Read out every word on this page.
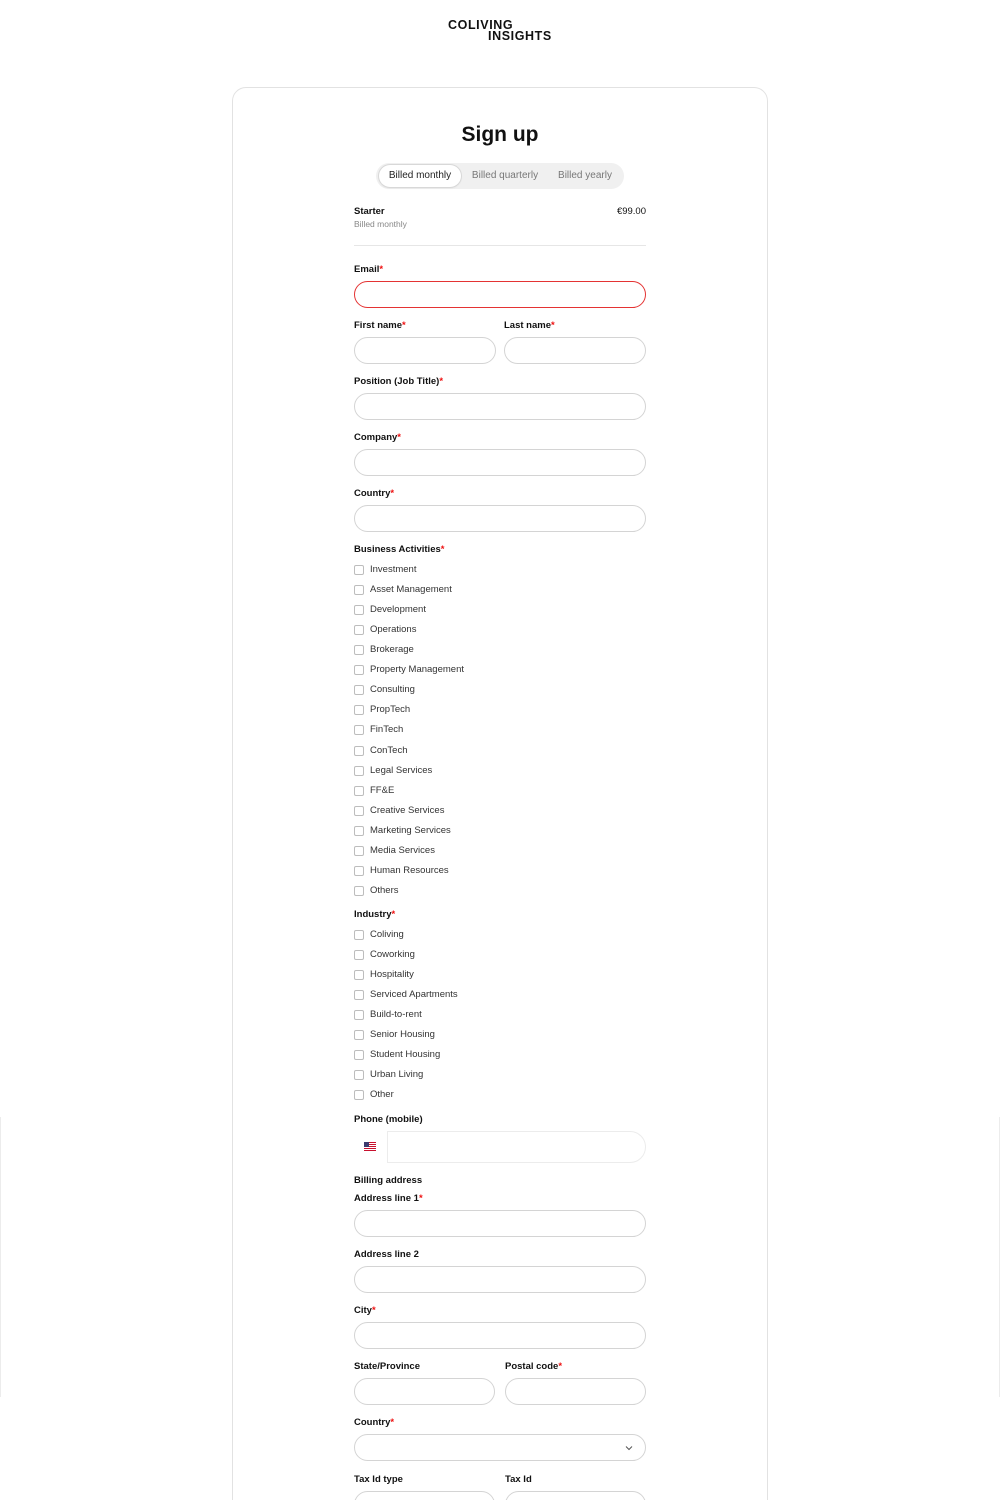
COLIVING
INSIGHTS
Sign up
Billed monthly	Billed quarterly	Billed yearly
Starter
Billed monthly
€99.00
Email*
First name*	Last name*
Position (Job Title)*
Company*
Country*
Business Activities*
Investment
Asset Management
Development
Operations
Brokerage
Property Management
Consulting
PropTech
FinTech
ConTech
Legal Services
FF&E
Creative Services
Marketing Services
Media Services
Human Resources
Others
Industry*
Coliving
Coworking
Hospitality
Serviced Apartments
Build-to-rent
Senior Housing
Student Housing
Urban Living
Other
Phone (mobile)
Billing address
Address line 1*
Address line 2
City*
State/Province	Postal code*
Country*
Tax Id type	Tax Id
